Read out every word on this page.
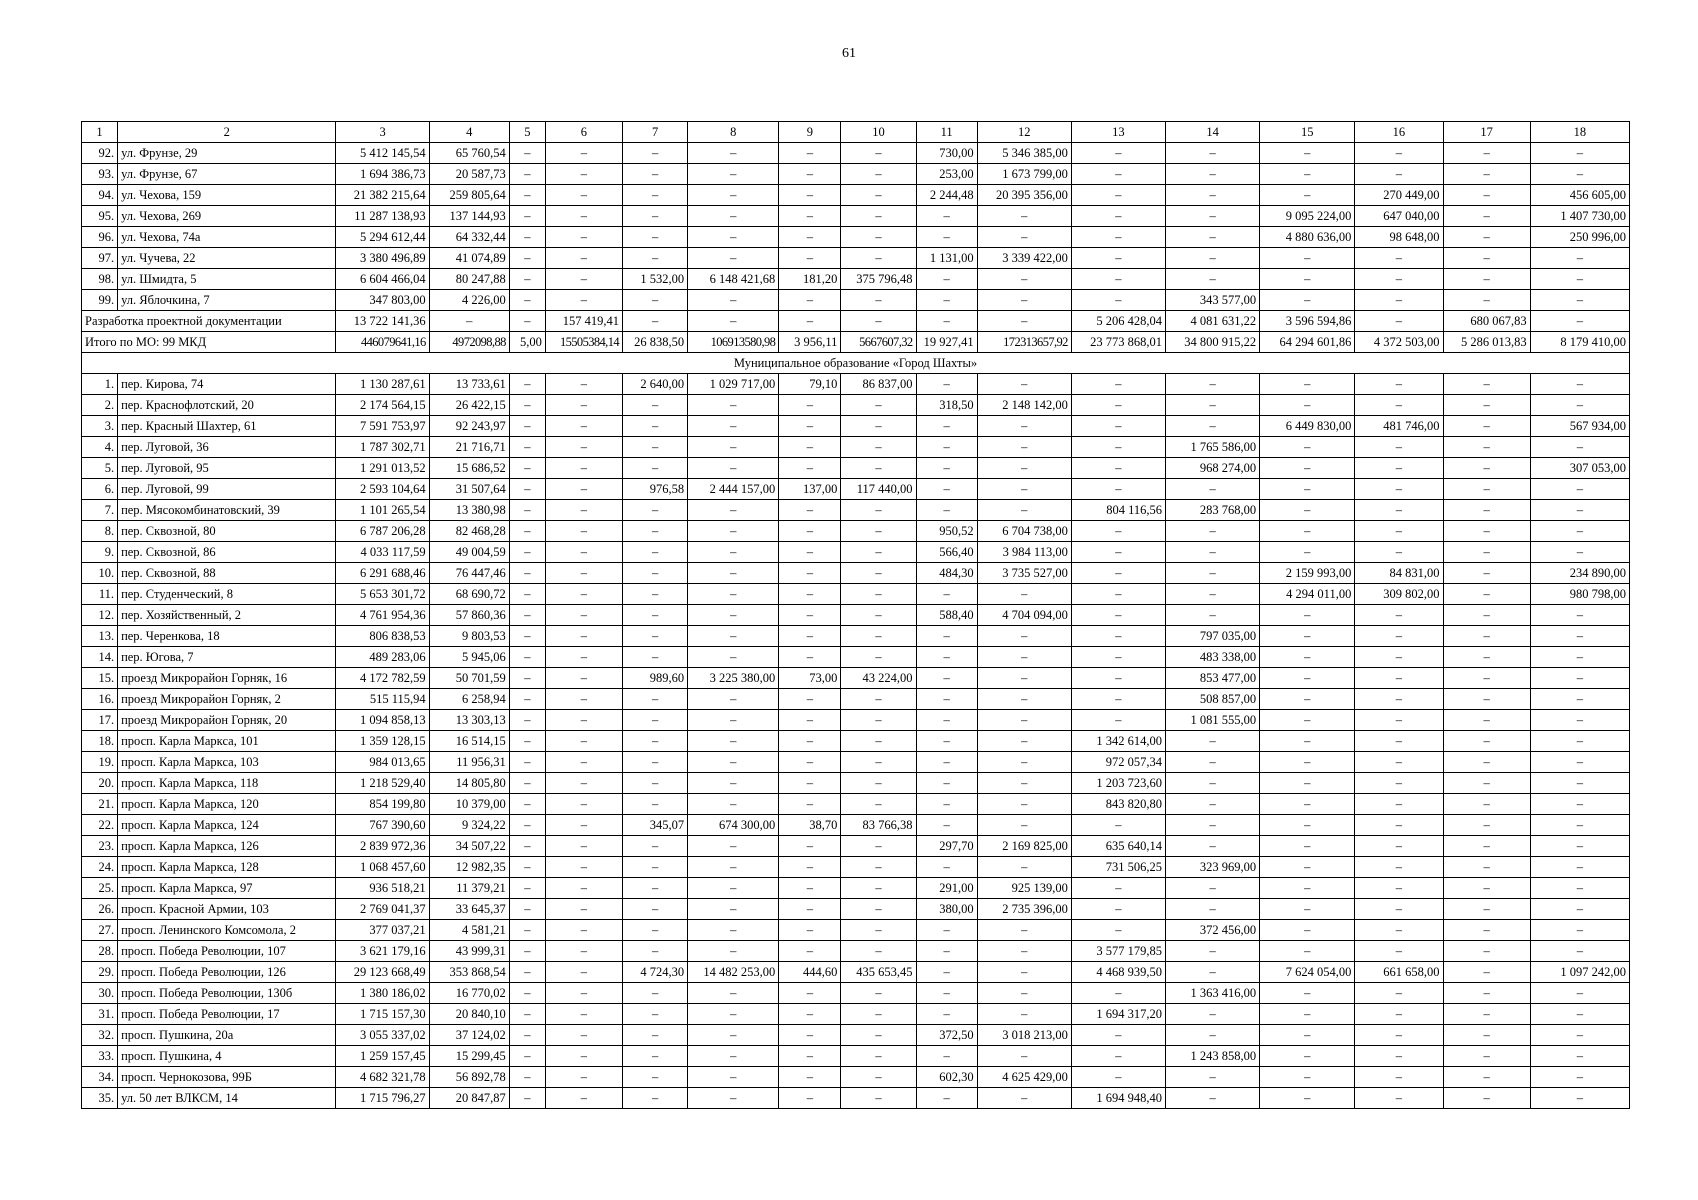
61
1	2	3	4	5	6	7	8	9	10	11	12	13	14	15	16	17	18
92.	ул. Фрунзе, 29	5 412 145,54	65 760,54	–	–	–	–	–	–	730,00	5 346 385,00	–	–	–	–	–	–
93.	ул. Фрунзе, 67	1 694 386,73	20 587,73	–	–	–	–	–	–	253,00	1 673 799,00	–	–	–	–	–	–
94.	ул. Чехова, 159	21 382 215,64	259 805,64	–	–	–	–	–	–	2 244,48	20 395 356,00	–	–	–	270 449,00	–	456 605,00
95.	ул. Чехова, 269	11 287 138,93	137 144,93	–	–	–	–	–	–	–	–	–	–	9 095 224,00	647 040,00	–	1 407 730,00
96.	ул. Чехова, 74а	5 294 612,44	64 332,44	–	–	–	–	–	–	–	–	–	–	4 880 636,00	98 648,00	–	250 996,00
97.	ул. Чучева, 22	3 380 496,89	41 074,89	–	–	–	–	–	–	1 131,00	3 339 422,00	–	–	–	–	–	–
98.	ул. Шмидта, 5	6 604 466,04	80 247,88	–	–	1 532,00	6 148 421,68	181,20	375 796,48	–	–	–	–	–	–	–	–
99.	ул. Яблочкина, 7	347 803,00	4 226,00	–	–	–	–	–	–	–	–	–	343 577,00	–	–	–	–
Разработка проектной документации		13 722 141,36	–	–	157 419,41	–	–	–	–	–	–	5 206 428,04	4 081 631,22	3 596 594,86	–	680 067,83	–
Итого по МО: 99 МКД		446079641,16	4972098,88	5,00	15505384,14	26 838,50	106913580,98	3 956,11	5667607,32	19 927,41	172313657,92	23 773 868,01	34 800 915,22	64 294 601,86	4 372 503,00	5 286 013,83	8 179 410,00
Муниципальное образование «Город Шахты»																	
1.	пер. Кирова, 74	1 130 287,61	13 733,61	–	–	2 640,00	1 029 717,00	79,10	86 837,00	–	–	–	–	–	–	–	–
2.	пер. Краснофлотский, 20	2 174 564,15	26 422,15	–	–	–	–	–	–	318,50	2 148 142,00	–	–	–	–	–	–
3.	пер. Красный Шахтер, 61	7 591 753,97	92 243,97	–	–	–	–	–	–	–	–	–	–	6 449 830,00	481 746,00	–	567 934,00
4.	пер. Луговой, 36	1 787 302,71	21 716,71	–	–	–	–	–	–	–	–	–	1 765 586,00	–	–	–	–
5.	пер. Луговой, 95	1 291 013,52	15 686,52	–	–	–	–	–	–	–	–	–	968 274,00	–	–	–	307 053,00
6.	пер. Луговой, 99	2 593 104,64	31 507,64	–	–	976,58	2 444 157,00	137,00	117 440,00	–	–	–	–	–	–	–	–
7.	пер. Мясокомбинатовский, 39	1 101 265,54	13 380,98	–	–	–	–	–	–	–	–	804 116,56	283 768,00	–	–	–	–
8.	пер. Сквозной, 80	6 787 206,28	82 468,28	–	–	–	–	–	–	950,52	6 704 738,00	–	–	–	–	–	–
9.	пер. Сквозной, 86	4 033 117,59	49 004,59	–	–	–	–	–	–	566,40	3 984 113,00	–	–	–	–	–	–
10.	пер. Сквозной, 88	6 291 688,46	76 447,46	–	–	–	–	–	–	484,30	3 735 527,00	–	–	2 159 993,00	84 831,00	–	234 890,00
11.	пер. Студенческий, 8	5 653 301,72	68 690,72	–	–	–	–	–	–	–	–	–	–	4 294 011,00	309 802,00	–	980 798,00
12.	пер. Хозяйственный, 2	4 761 954,36	57 860,36	–	–	–	–	–	–	588,40	4 704 094,00	–	–	–	–	–	–
13.	пер. Черенкова, 18	806 838,53	9 803,53	–	–	–	–	–	–	–	–	–	797 035,00	–	–	–	–
14.	пер. Югова, 7	489 283,06	5 945,06	–	–	–	–	–	–	–	–	–	483 338,00	–	–	–	–
15.	проезд Микрорайон Горняк, 16	4 172 782,59	50 701,59	–	–	989,60	3 225 380,00	73,00	43 224,00	–	–	–	853 477,00	–	–	–	–
16.	проезд Микрорайон Горняк, 2	515 115,94	6 258,94	–	–	–	–	–	–	–	–	–	508 857,00	–	–	–	–
17.	проезд Микрорайон Горняк, 20	1 094 858,13	13 303,13	–	–	–	–	–	–	–	–	–	1 081 555,00	–	–	–	–
18.	просп. Карла Маркса, 101	1 359 128,15	16 514,15	–	–	–	–	–	–	–	–	1 342 614,00	–	–	–	–	–
19.	просп. Карла Маркса, 103	984 013,65	11 956,31	–	–	–	–	–	–	–	–	972 057,34	–	–	–	–	–
20.	просп. Карла Маркса, 118	1 218 529,40	14 805,80	–	–	–	–	–	–	–	–	1 203 723,60	–	–	–	–	–
21.	просп. Карла Маркса, 120	854 199,80	10 379,00	–	–	–	–	–	–	–	–	843 820,80	–	–	–	–	–
22.	просп. Карла Маркса, 124	767 390,60	9 324,22	–	–	345,07	674 300,00	38,70	83 766,38	–	–	–	–	–	–	–	–
23.	просп. Карла Маркса, 126	2 839 972,36	34 507,22	–	–	–	–	–	–	297,70	2 169 825,00	635 640,14	–	–	–	–	–
24.	просп. Карла Маркса, 128	1 068 457,60	12 982,35	–	–	–	–	–	–	–	–	731 506,25	323 969,00	–	–	–	–
25.	просп. Карла Маркса, 97	936 518,21	11 379,21	–	–	–	–	–	–	291,00	925 139,00	–	–	–	–	–	–
26.	просп. Красной Армии, 103	2 769 041,37	33 645,37	–	–	–	–	–	–	380,00	2 735 396,00	–	–	–	–	–	–
27.	просп. Ленинского Комсомола, 2	377 037,21	4 581,21	–	–	–	–	–	–	–	–	–	372 456,00	–	–	–	–
28.	просп. Победа Революции, 107	3 621 179,16	43 999,31	–	–	–	–	–	–	–	–	3 577 179,85	–	–	–	–	–
29.	просп. Победа Революции, 126	29 123 668,49	353 868,54	–	–	4 724,30	14 482 253,00	444,60	435 653,45	–	–	4 468 939,50	–	7 624 054,00	661 658,00	–	1 097 242,00
30.	просп. Победа Революции, 130б	1 380 186,02	16 770,02	–	–	–	–	–	–	–	–	–	1 363 416,00	–	–	–	–
31.	просп. Победа Революции, 17	1 715 157,30	20 840,10	–	–	–	–	–	–	–	–	1 694 317,20	–	–	–	–	–
32.	просп. Пушкина, 20а	3 055 337,02	37 124,02	–	–	–	–	–	–	372,50	3 018 213,00	–	–	–	–	–	–
33.	просп. Пушкина, 4	1 259 157,45	15 299,45	–	–	–	–	–	–	–	–	–	1 243 858,00	–	–	–	–
34.	просп. Чернокозова, 99Б	4 682 321,78	56 892,78	–	–	–	–	–	–	602,30	4 625 429,00	–	–	–	–	–	–
35.	ул. 50 лет ВЛКСМ, 14	1 715 796,27	20 847,87	–	–	–	–	–	–	–	–	1 694 948,40	–	–	–	–	–
